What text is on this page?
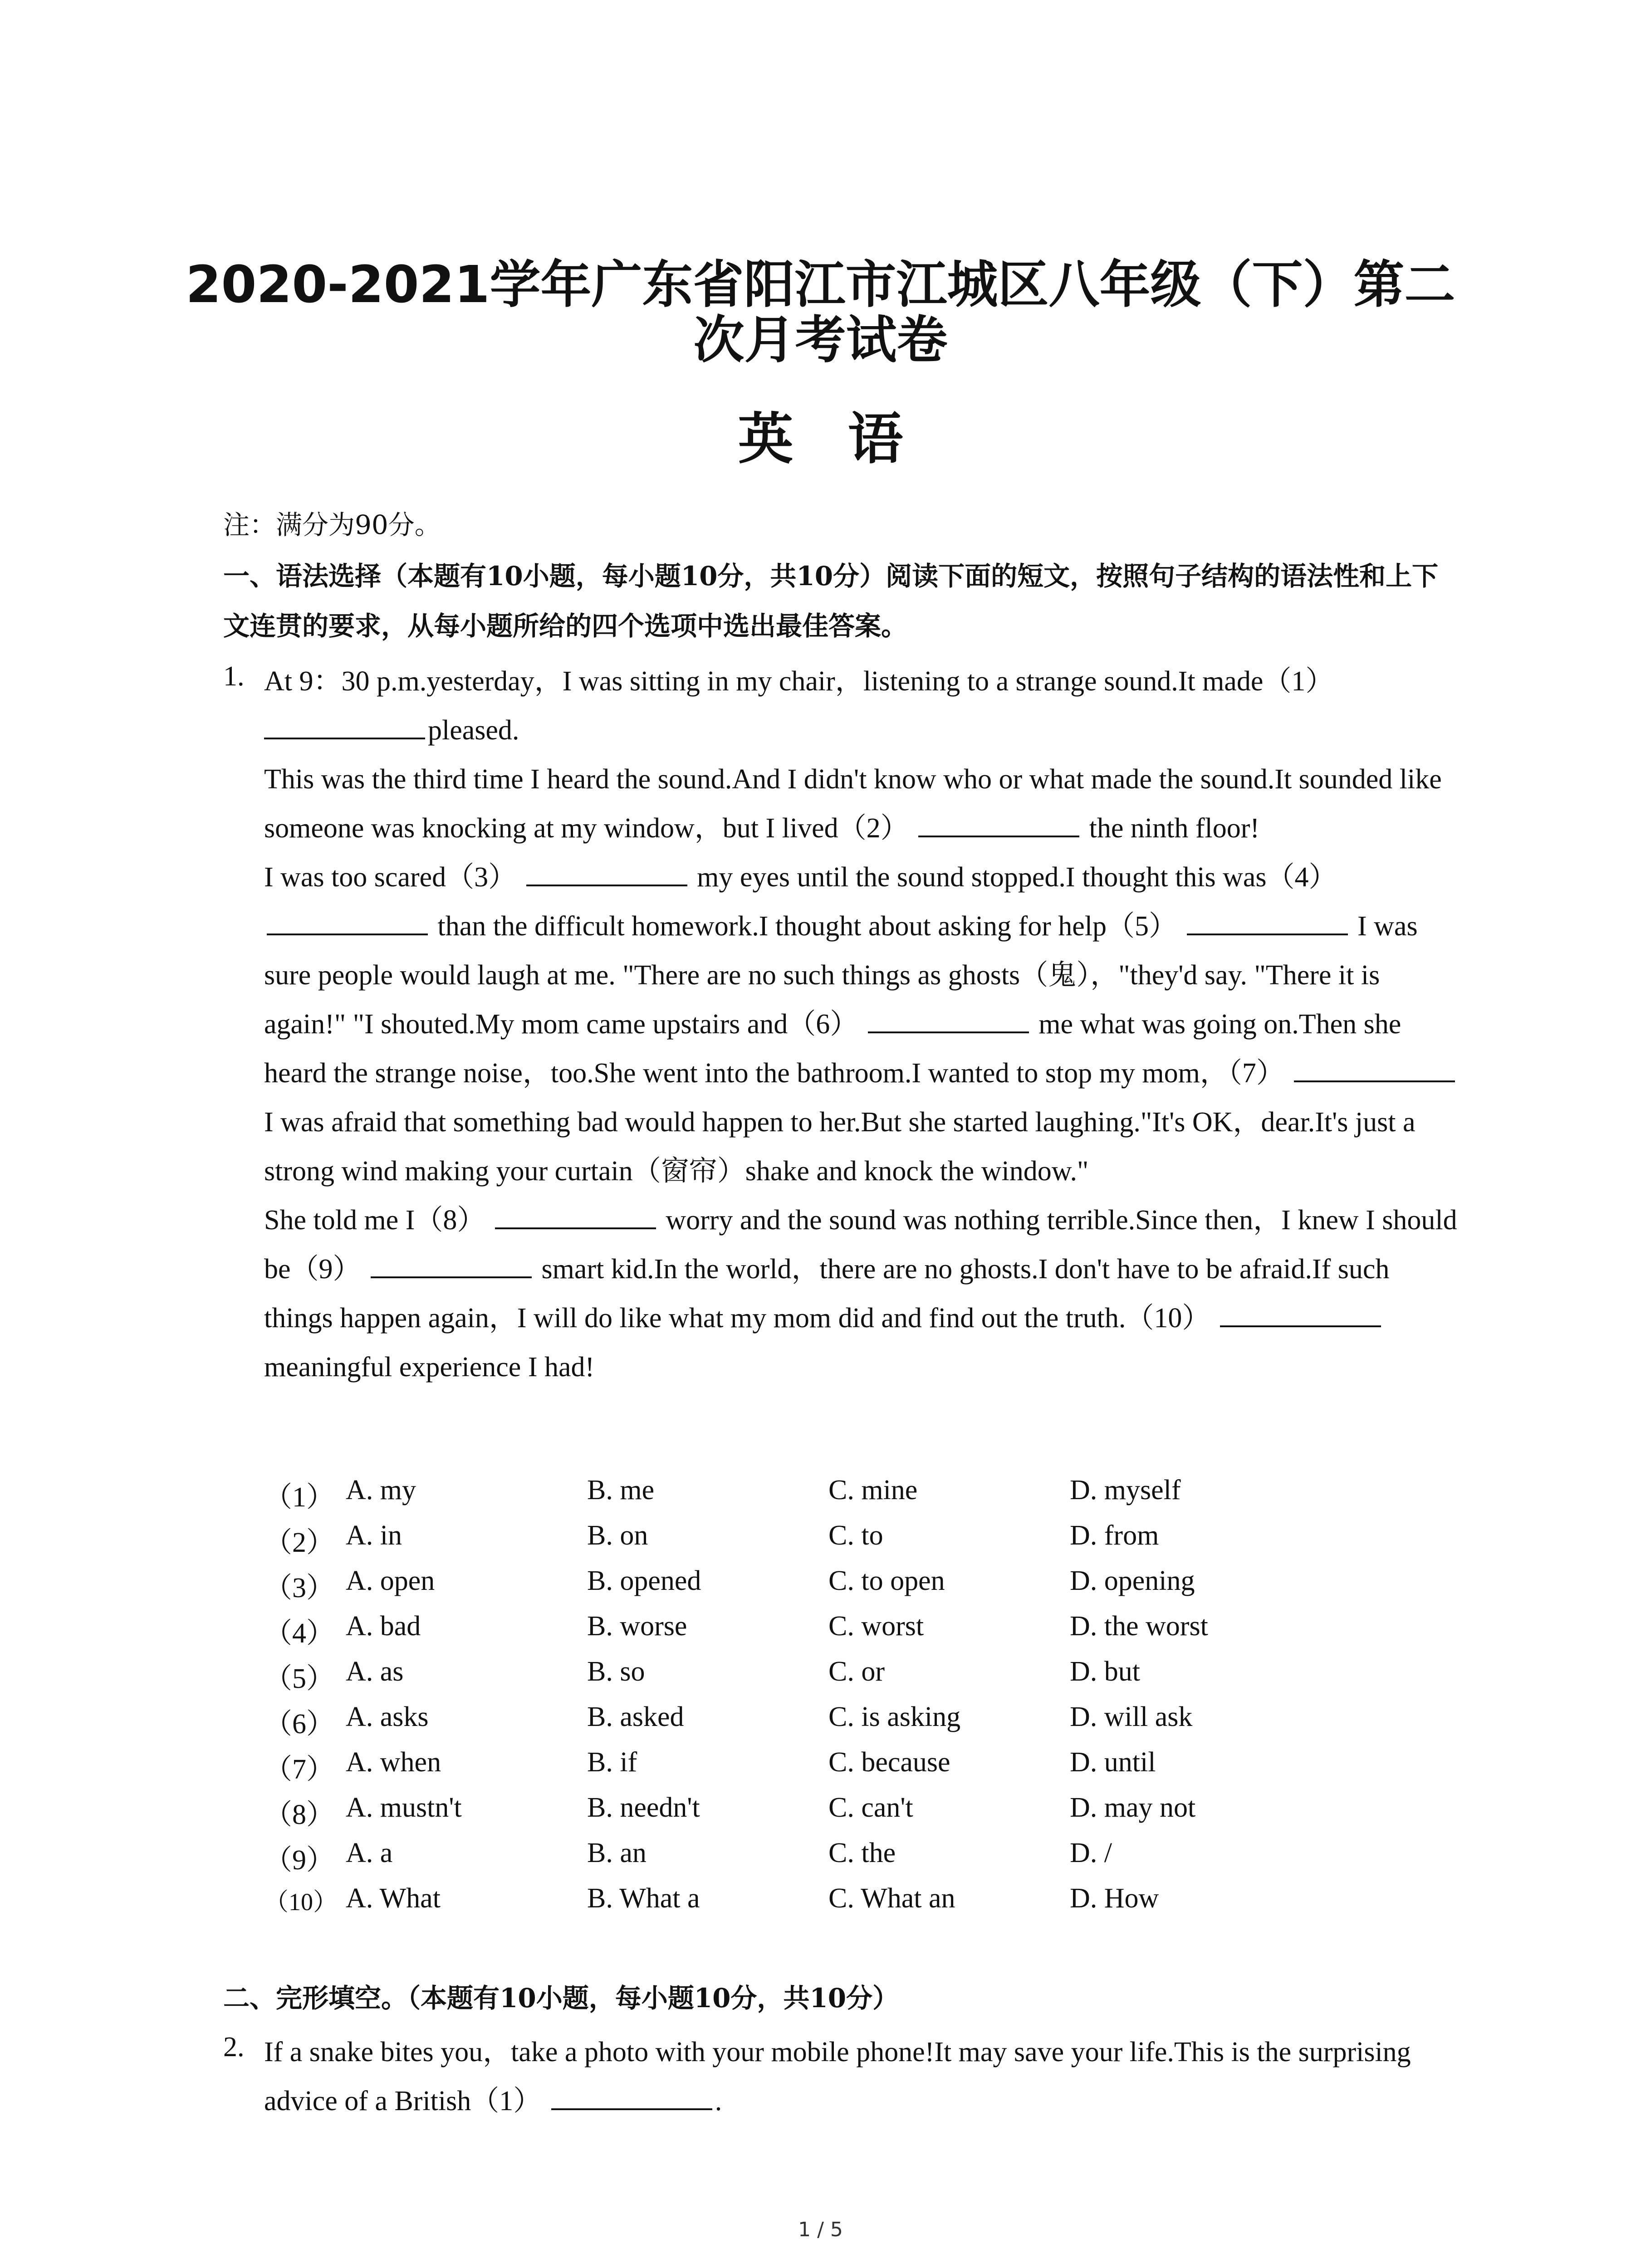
2020-2021学年广东省阳江市江城区八年级（下）第二
次月考试卷
英语
注：满分为90分。
一、语法选择（本题有10小题，每小题10分，共10分）阅读下面的短文，按照句子结构的语法性和上下文连贯的要求，从每小题所给的四个选项中选出最佳答案。
1. At 9：30 p.m.yesterday，I was sitting in my chair，listening to a strange sound.It made（1）
pleased.
This was the third time I heard the sound.And I didn't know who or what made the sound.It sounded like someone was knocking at my window，but I lived（2）	the ninth floor!
I was too scared（3）	my eyes until the sound stopped.I thought this was（4）  than the difficult homework.I thought about asking for help（5）	I was sure people would laugh at me. "There are no such things as ghosts（鬼），"they'd say. "There it is again!" "I shouted.My mom came upstairs and（6）	me what was going on.Then she heard the strange noise，too.She went into the bathroom.I wanted to stop my mom，（7） I was afraid that something bad would happen to her.But she started laughing."It's OK，dear.It's just a strong wind making your curtain（窗帘）shake and knock the window."
She told me I（8）	worry and the sound was nothing terrible.Since then，I knew I should be（9）	smart kid.In the world，there are no ghosts.I don't have to be afraid.If such things happen again，I will do like what my mom did and find out the truth.（10）  meaningful experience I had!
（1） A. my	B. me	C. mine	D. myself
（2） A. in	B. on	C. to	D. from
（3） A. open	B. opened	C. to open	D. opening
（4） A. bad	B. worse	C. worst	D. the worst
（5） A. as	B. so	C. or	D. but
（6） A. asks	B. asked	C. is asking	D. will ask
（7） A. when	B. if	C. because	D. until
（8） A. mustn't	B. needn't	C. can't	D. may not
（9） A. a	B. an	C. the	D. /
（10） A. What	B. What a	C. What an	D. How
二、完形填空。（本题有10小题，每小题10分，共10分）
2. If a snake bites you，take a photo with your mobile phone!It may save your life.This is the surprising advice of a British（1）	.
1 / 5
